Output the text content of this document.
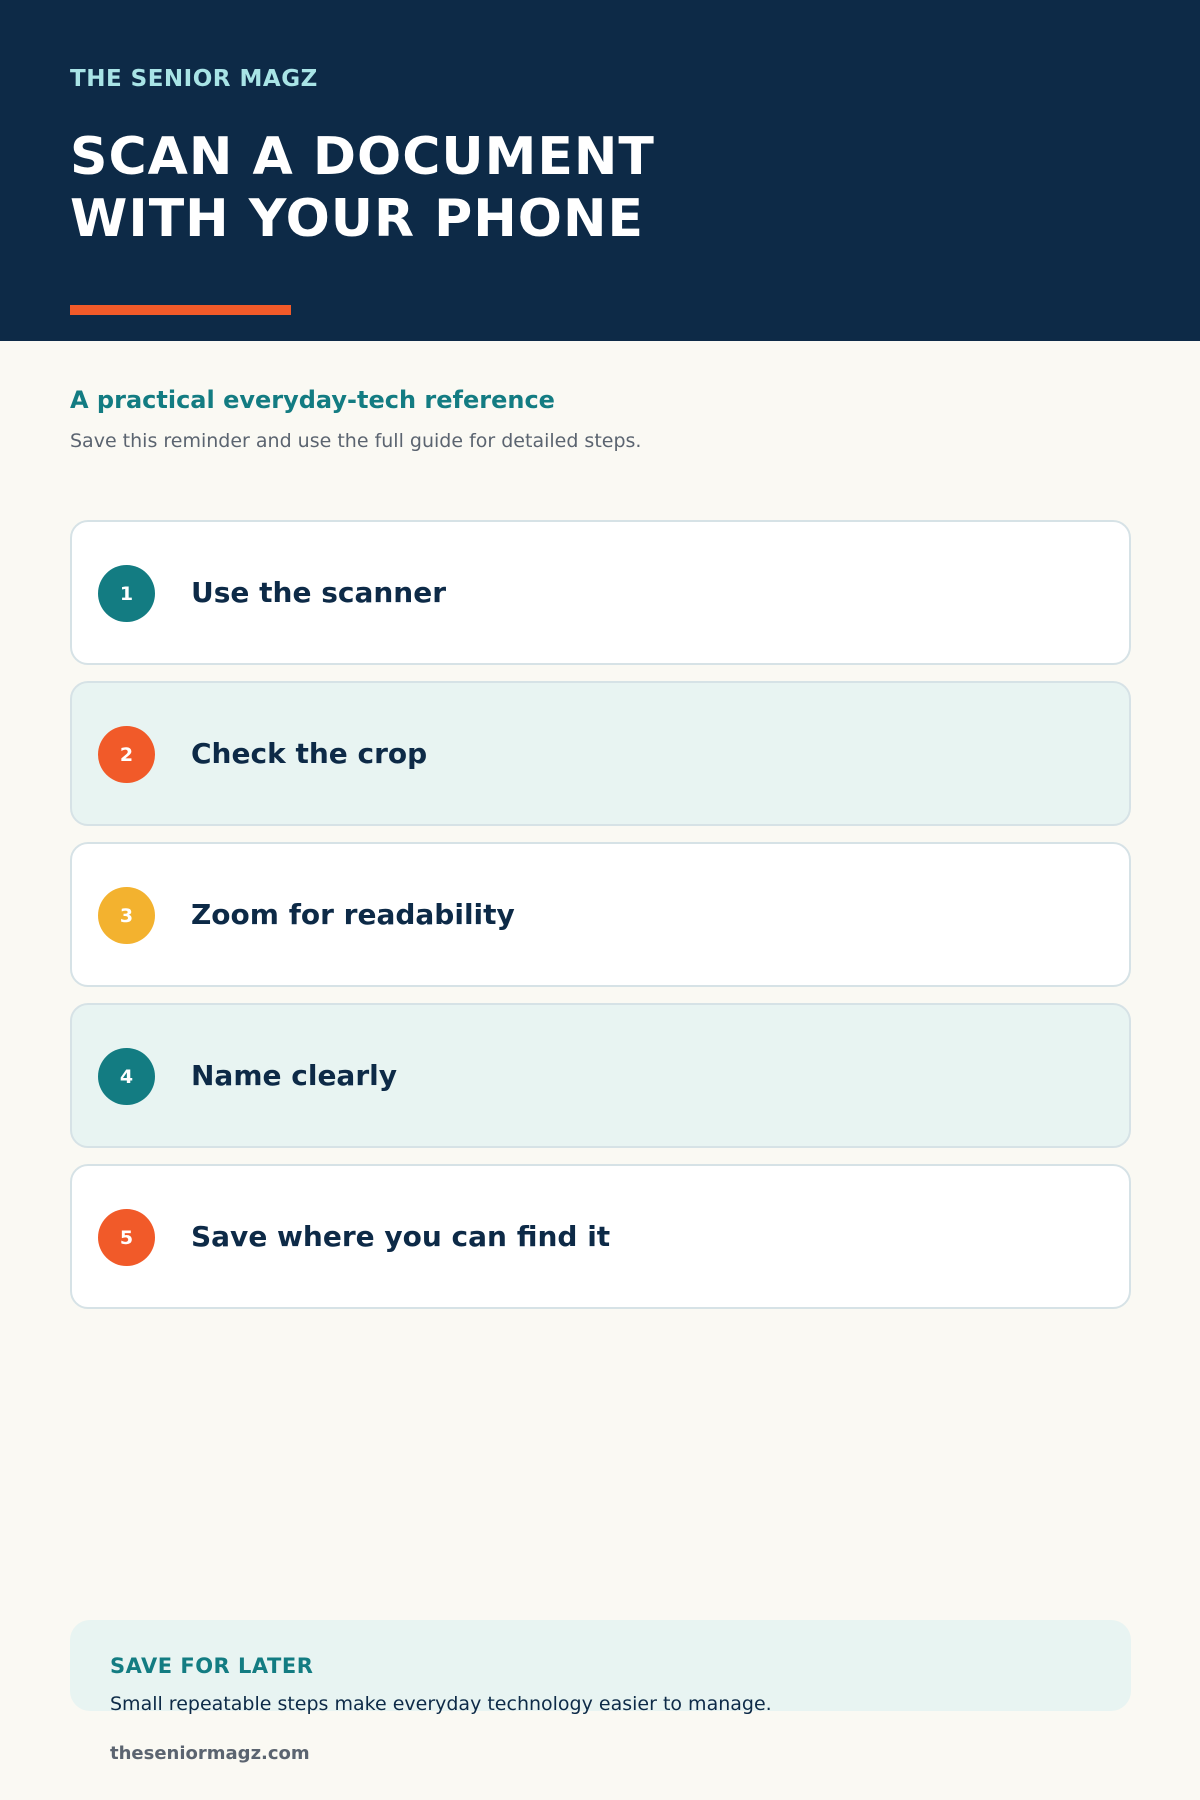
THE SENIOR MAGZ
SCAN A DOCUMENT
WITH YOUR PHONE
A practical everyday-tech reference
Save this reminder and use the full guide for detailed steps.
1	Use the scanner
2	Check the crop
3	Zoom for readability
4	Name clearly
5	Save where you can find it
SAVE FOR LATER
Small repeatable steps make everyday technology easier to manage.
theseniormagz.com
